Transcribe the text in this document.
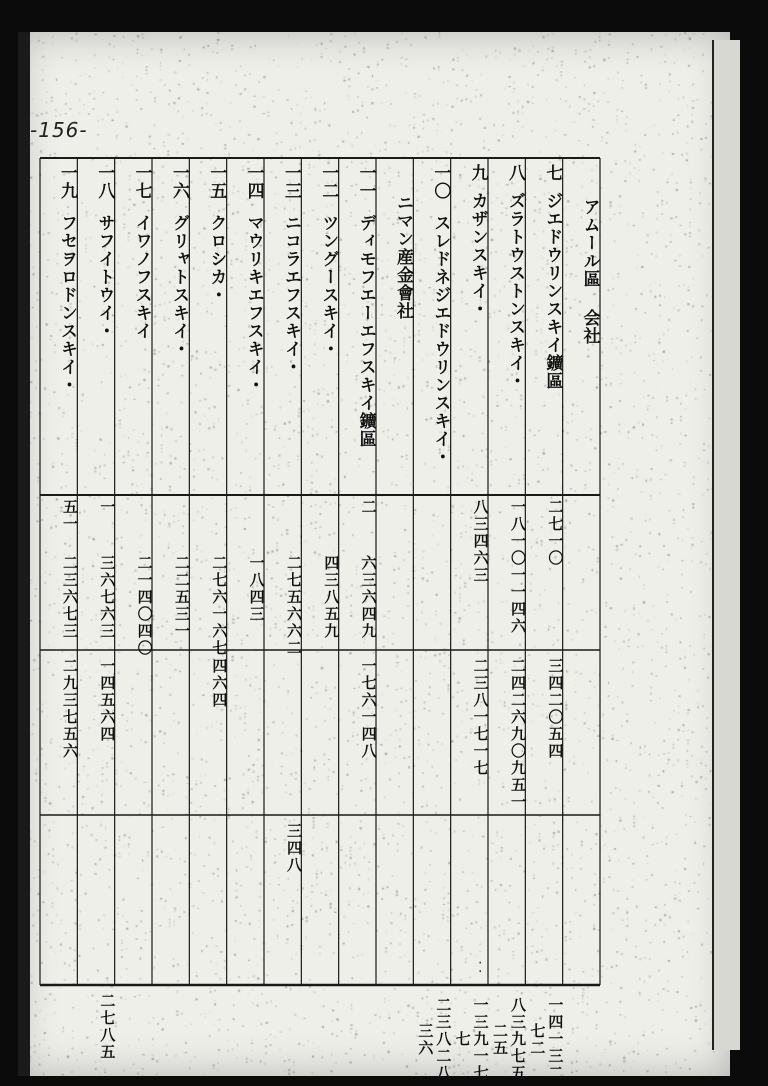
-156-
アムール區 会社
七
ジエドウリンスキイ鑛區
二七一〇
三四二〇五四
一四一三二七二
八
ズラトウストンスキイ・
一八一〇一一四六
二四二六九〇九五一
八三九七五二五
九
カザンスキイ・
八三四六三
二三八一七一七
一三九一七七
一〇
スレドネジエドウリンスキイ・
二三八二八三六
ニマン産金會社
一一
ディモフエーエフスキイ鑛區
二
六三六四九
一七六一四八
一二
ツングースキイ・
四三八五九
一三
ニコラエフスキイ・
二七五六六二
三四八
一四
マウリキエフスキイ・
一八四三
一五
クロシカ・
二七六一六七
四六四
一六
グリャトスキイ・
二二五三一
一七
イワノフスキイ
二一四〇四〇
一八
サフイトウイ・
一
三六七六三
一四五六四
二七八五
一九
フセヲロドンスキイ・
五一
二三六七三
二九三七五六
⁚
